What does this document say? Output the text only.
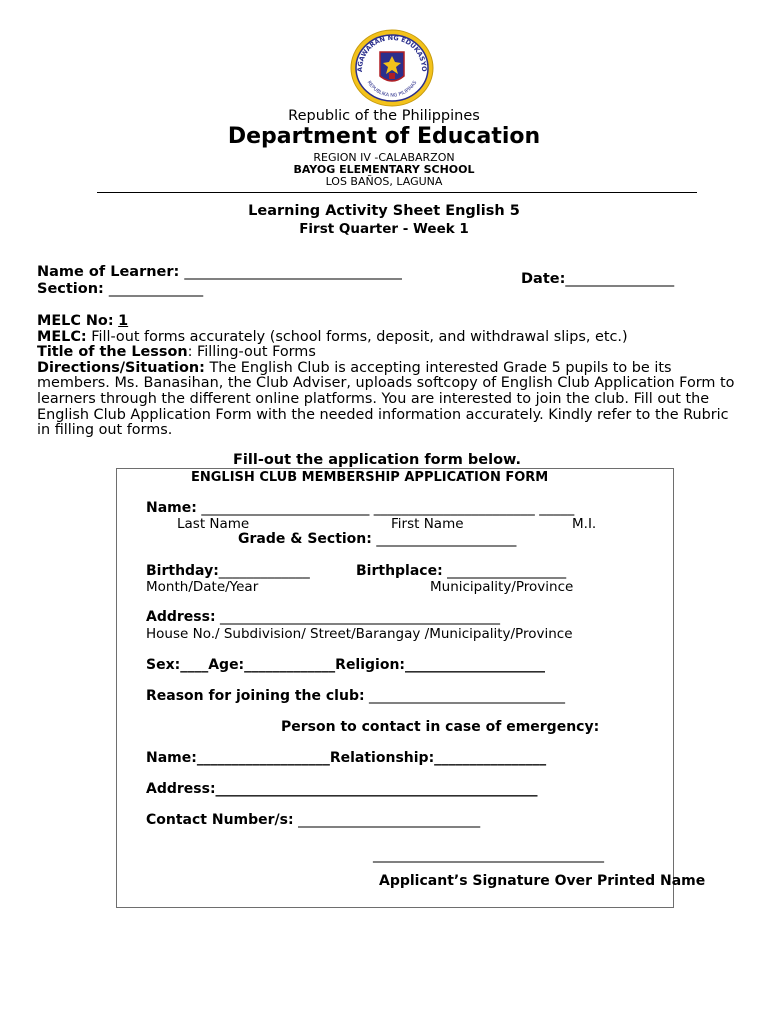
AGAWARAN NG EDUKASYO
REPUBLIKA NG PILIPINAS
Republic of the Philippines
Department of Education
REGION IV -CALABARZON
BAYOG ELEMENTARY SCHOOL
LOS BAÑOS, LAGUNA
Learning Activity Sheet English 5
First Quarter - Week 1
Name of Learner: ______________________________
Section: _____________
Date:_______________
MELC No: 1
MELC: Fill-out forms accurately (school forms, deposit, and withdrawal slips, etc.)
Title of the Lesson: Filling-out Forms
Directions/Situation: The English Club is accepting interested Grade 5 pupils to be its
members. Ms. Banasihan, the Club Adviser, uploads softcopy of English Club Application Form to
learners through the different online platforms. You are interested to join the club. Fill out the
English Club Application Form with the needed information accurately. Kindly refer to the Rubric
in filling out forms.
Fill-out the application form below.
ENGLISH CLUB MEMBERSHIP APPLICATION FORM
Name: ________________________ _______________________ _____
Last Name	First Name	M.I.
Grade & Section: ____________________
Birthday:_____________	Birthplace: _________________
Month/Date/Year	Municipality/Province
Address: ________________________________________
House No./ Subdivision/ Street/Barangay /Municipality/Province
Sex:____Age:_____________Religion:____________________
Reason for joining the club: ____________________________
Person to contact in case of emergency:
Name:___________________Relationship:________________
Address:______________________________________________
Contact Number/s: __________________________
_________________________________
Applicant’s Signature Over Printed Name
